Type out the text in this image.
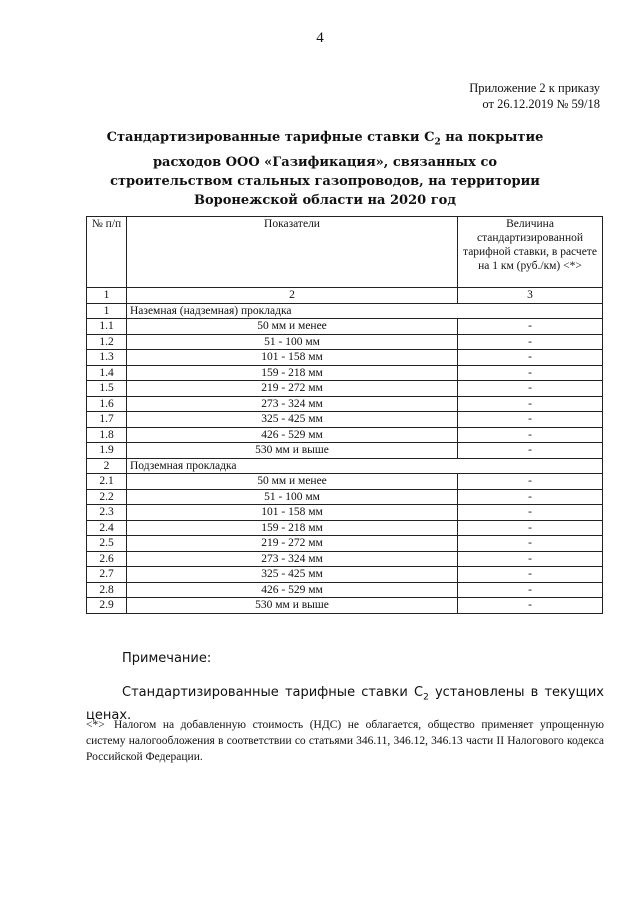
4
Приложение 2 к приказу
от 26.12.2019 № 59/18
Стандартизированные тарифные ставки $С_2$ на покрытие расходов ООО «Газификация», связанных со строительством стальных газопроводов, на территории Воронежской области на 2020 год
№ п/п	Показатели	Величина стандартизированной тарифной ставки, в расчете на 1 км (руб./км) <*>
1	2	3
1	Наземная (надземная) прокладка	
1.1	50 мм и менее	-
1.2	51 - 100 мм	-
1.3	101 - 158 мм	-
1.4	159 - 218 мм	-
1.5	219 - 272 мм	-
1.6	273 - 324 мм	-
1.7	325 - 425 мм	-
1.8	426 - 529 мм	-
1.9	530 мм и выше	-
2	Подземная прокладка	
2.1	50 мм и менее	-
2.2	51 - 100 мм	-
2.3	101 - 158 мм	-
2.4	159 - 218 мм	-
2.5	219 - 272 мм	-
2.6	273 - 324 мм	-
2.7	325 - 425 мм	-
2.8	426 - 529 мм	-
2.9	530 мм и выше	-
Примечание:
Стандартизированные тарифные ставки $С_2$ установлены в текущих ценах.
<*> Налогом на добавленную стоимость (НДС) не облагается, общество применяет упрощенную систему налогообложения в соответствии со статьями 346.11, 346.12, 346.13 части II Налогового кодекса Российской Федерации.
